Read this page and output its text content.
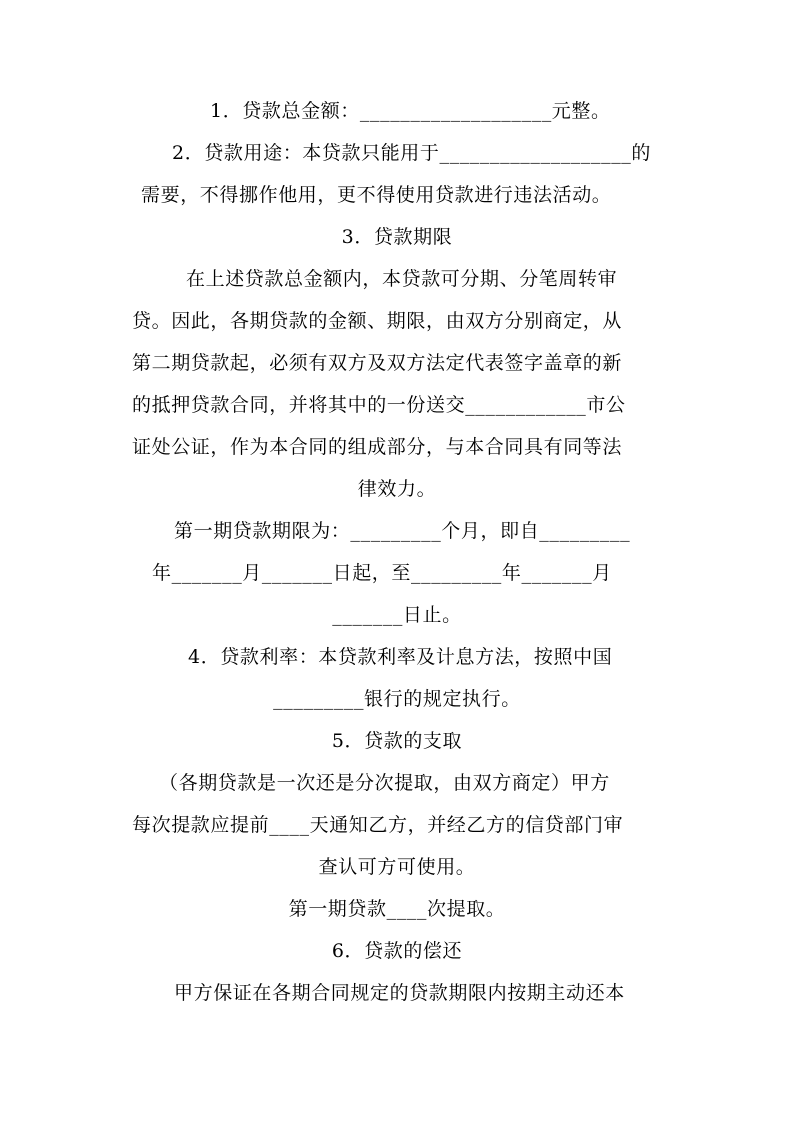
1．贷款总金额：___________________元整。
2．贷款用途：本贷款只能用于___________________的
需要，不得挪作他用，更不得使用贷款进行违法活动。
3．贷款期限
在上述贷款总金额内，本贷款可分期、分笔周转审
贷。因此，各期贷款的金额、期限，由双方分别商定，从
第二期贷款起，必须有双方及双方法定代表签字盖章的新
的抵押贷款合同，并将其中的一份送交____________市公
证处公证，作为本合同的组成部分，与本合同具有同等法
律效力。
第一期贷款期限为：_________个月，即自_________
年_______月_______日起，至_________年_______月
_______日止。
4．贷款利率：本贷款利率及计息方法，按照中国
_________银行的规定执行。
5．贷款的支取
（各期贷款是一次还是分次提取，由双方商定）甲方
每次提款应提前____天通知乙方，并经乙方的信贷部门审
查认可方可使用。
第一期贷款____次提取。
6．贷款的偿还
甲方保证在各期合同规定的贷款期限内按期主动还本
